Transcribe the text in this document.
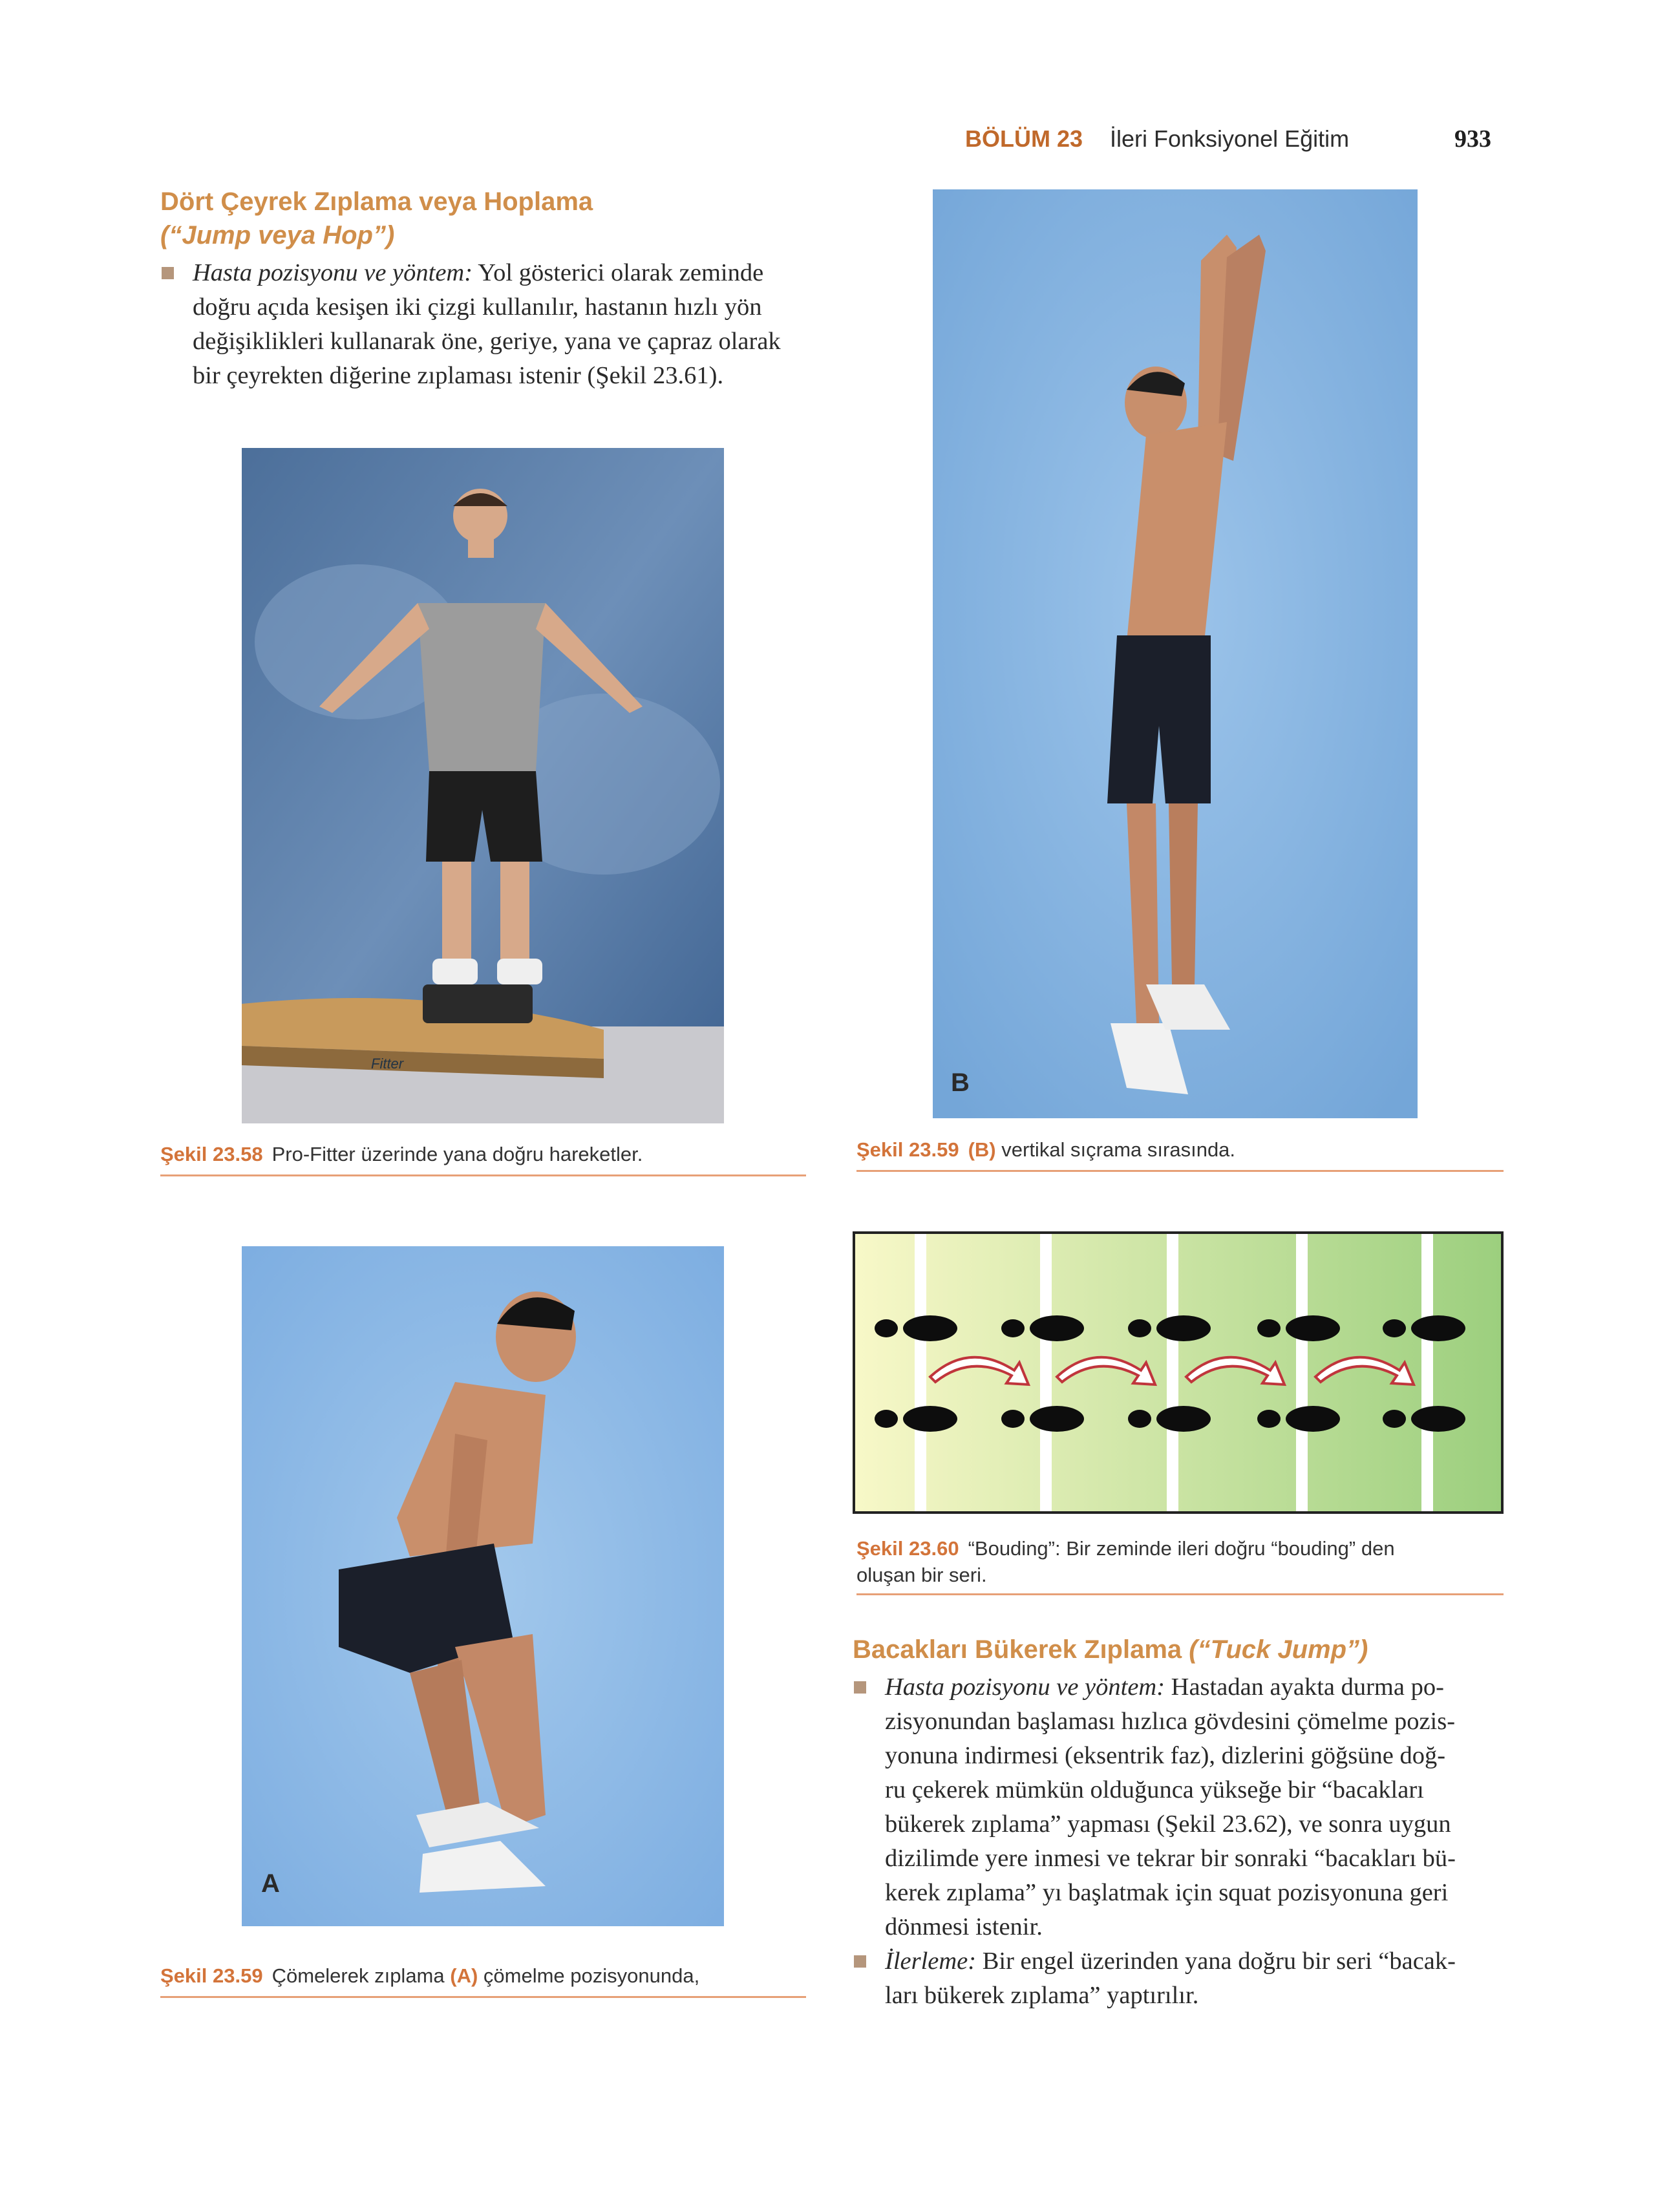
BÖLÜM 23 İleri Fonksiyonel Eğitim	933
Dört Çeyrek Zıplama veya Hoplama
(“Jump veya Hop”)
Hasta pozisyonu ve yöntem: Yol gösterici olarak zeminde
doğru açıda kesişen iki çizgi kullanılır, hastanın hızlı yön
değişiklikleri kullanarak öne, geriye, yana ve çapraz olarak
bir çeyrekten diğerine zıplaması istenir (Şekil 23.61).
Fitter
Şekil 23.58 Pro-Fitter üzerinde yana doğru hareketler.
B
Şekil 23.59 (B) vertikal sıçrama sırasında.
A
Şekil 23.59 Çömelerek zıplama (A) çömelme pozisyonunda,
Şekil 23.60 “Bouding”: Bir zeminde ileri doğru “bouding” den
oluşan bir seri.
Bacakları Bükerek Zıplama (“Tuck Jump”)
Hasta pozisyonu ve yöntem: Hastadan ayakta durma po-
zisyonundan başlaması hızlıca gövdesini çömelme pozis-
yonuna indirmesi (eksentrik faz), dizlerini göğsüne doğ-
ru çekerek mümkün olduğunca yükseğe bir “bacakları
bükerek zıplama” yapması (Şekil 23.62), ve sonra uygun
dizilimde yere inmesi ve tekrar bir sonraki “bacakları bü-
kerek zıplama” yı başlatmak için squat pozisyonuna geri
dönmesi istenir.
İlerleme: Bir engel üzerinden yana doğru bir seri “bacak-
ları bükerek zıplama” yaptırılır.
